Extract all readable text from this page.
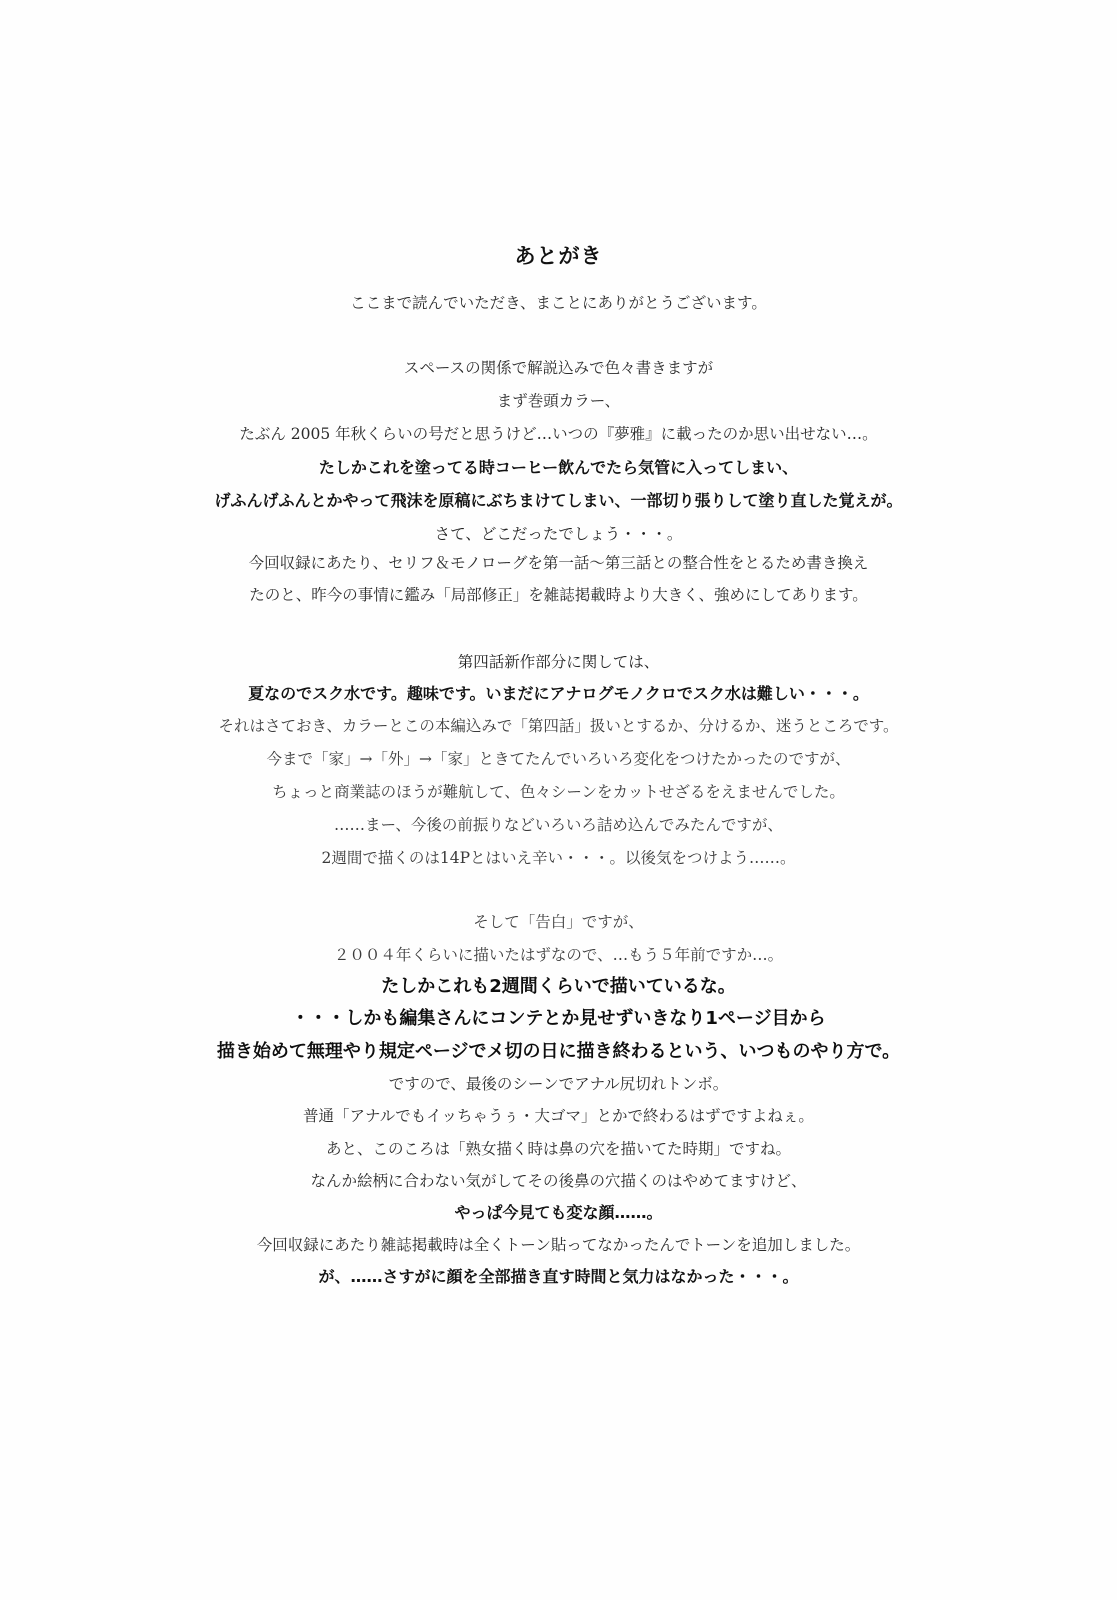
あとがき
ここまで読んでいただき、まことにありがとうございます。
スペースの関係で解説込みで色々書きますが
まず巻頭カラー、
たぶん 2005 年秋くらいの号だと思うけど…いつの『夢雅』に載ったのか思い出せない…。
たしかこれを塗ってる時コーヒー飲んでたら気管に入ってしまい、
げふんげふんとかやって飛沫を原稿にぶちまけてしまい、一部切り張りして塗り直した覚えが。
さて、どこだったでしょう・・・。
今回収録にあたり、セリフ＆モノローグを第一話～第三話との整合性をとるため書き換え
たのと、昨今の事情に鑑み「局部修正」を雑誌掲載時より大きく、強めにしてあります。
第四話新作部分に関しては、
夏なのでスク水です。趣味です。いまだにアナログモノクロでスク水は難しい・・・。
それはさておき、カラーとこの本編込みで「第四話」扱いとするか、分けるか、迷うところです。
今まで「家」→「外」→「家」ときてたんでいろいろ変化をつけたかったのですが、
ちょっと商業誌のほうが難航して、色々シーンをカットせざるをえませんでした。
……まー、今後の前振りなどいろいろ詰め込んでみたんですが、
2週間で描くのは14Pとはいえ辛い・・・。以後気をつけよう……。
そして「告白」ですが、
２００４年くらいに描いたはずなので、…もう５年前ですか…。
たしかこれも2週間くらいで描いているな。
・・・しかも編集さんにコンテとか見せずいきなり1ページ目から
描き始めて無理やり規定ページでメ切の日に描き終わるという、いつものやり方で。
ですので、最後のシーンでアナル尻切れトンボ。
普通「アナルでもイッちゃうぅ・大ゴマ」とかで終わるはずですよねぇ。
あと、このころは「熟女描く時は鼻の穴を描いてた時期」ですね。
なんか絵柄に合わない気がしてその後鼻の穴描くのはやめてますけど、
やっぱ今見ても変な顔……。
今回収録にあたり雑誌掲載時は全くトーン貼ってなかったんでトーンを追加しました。
が、……さすがに顔を全部描き直す時間と気力はなかった・・・。
